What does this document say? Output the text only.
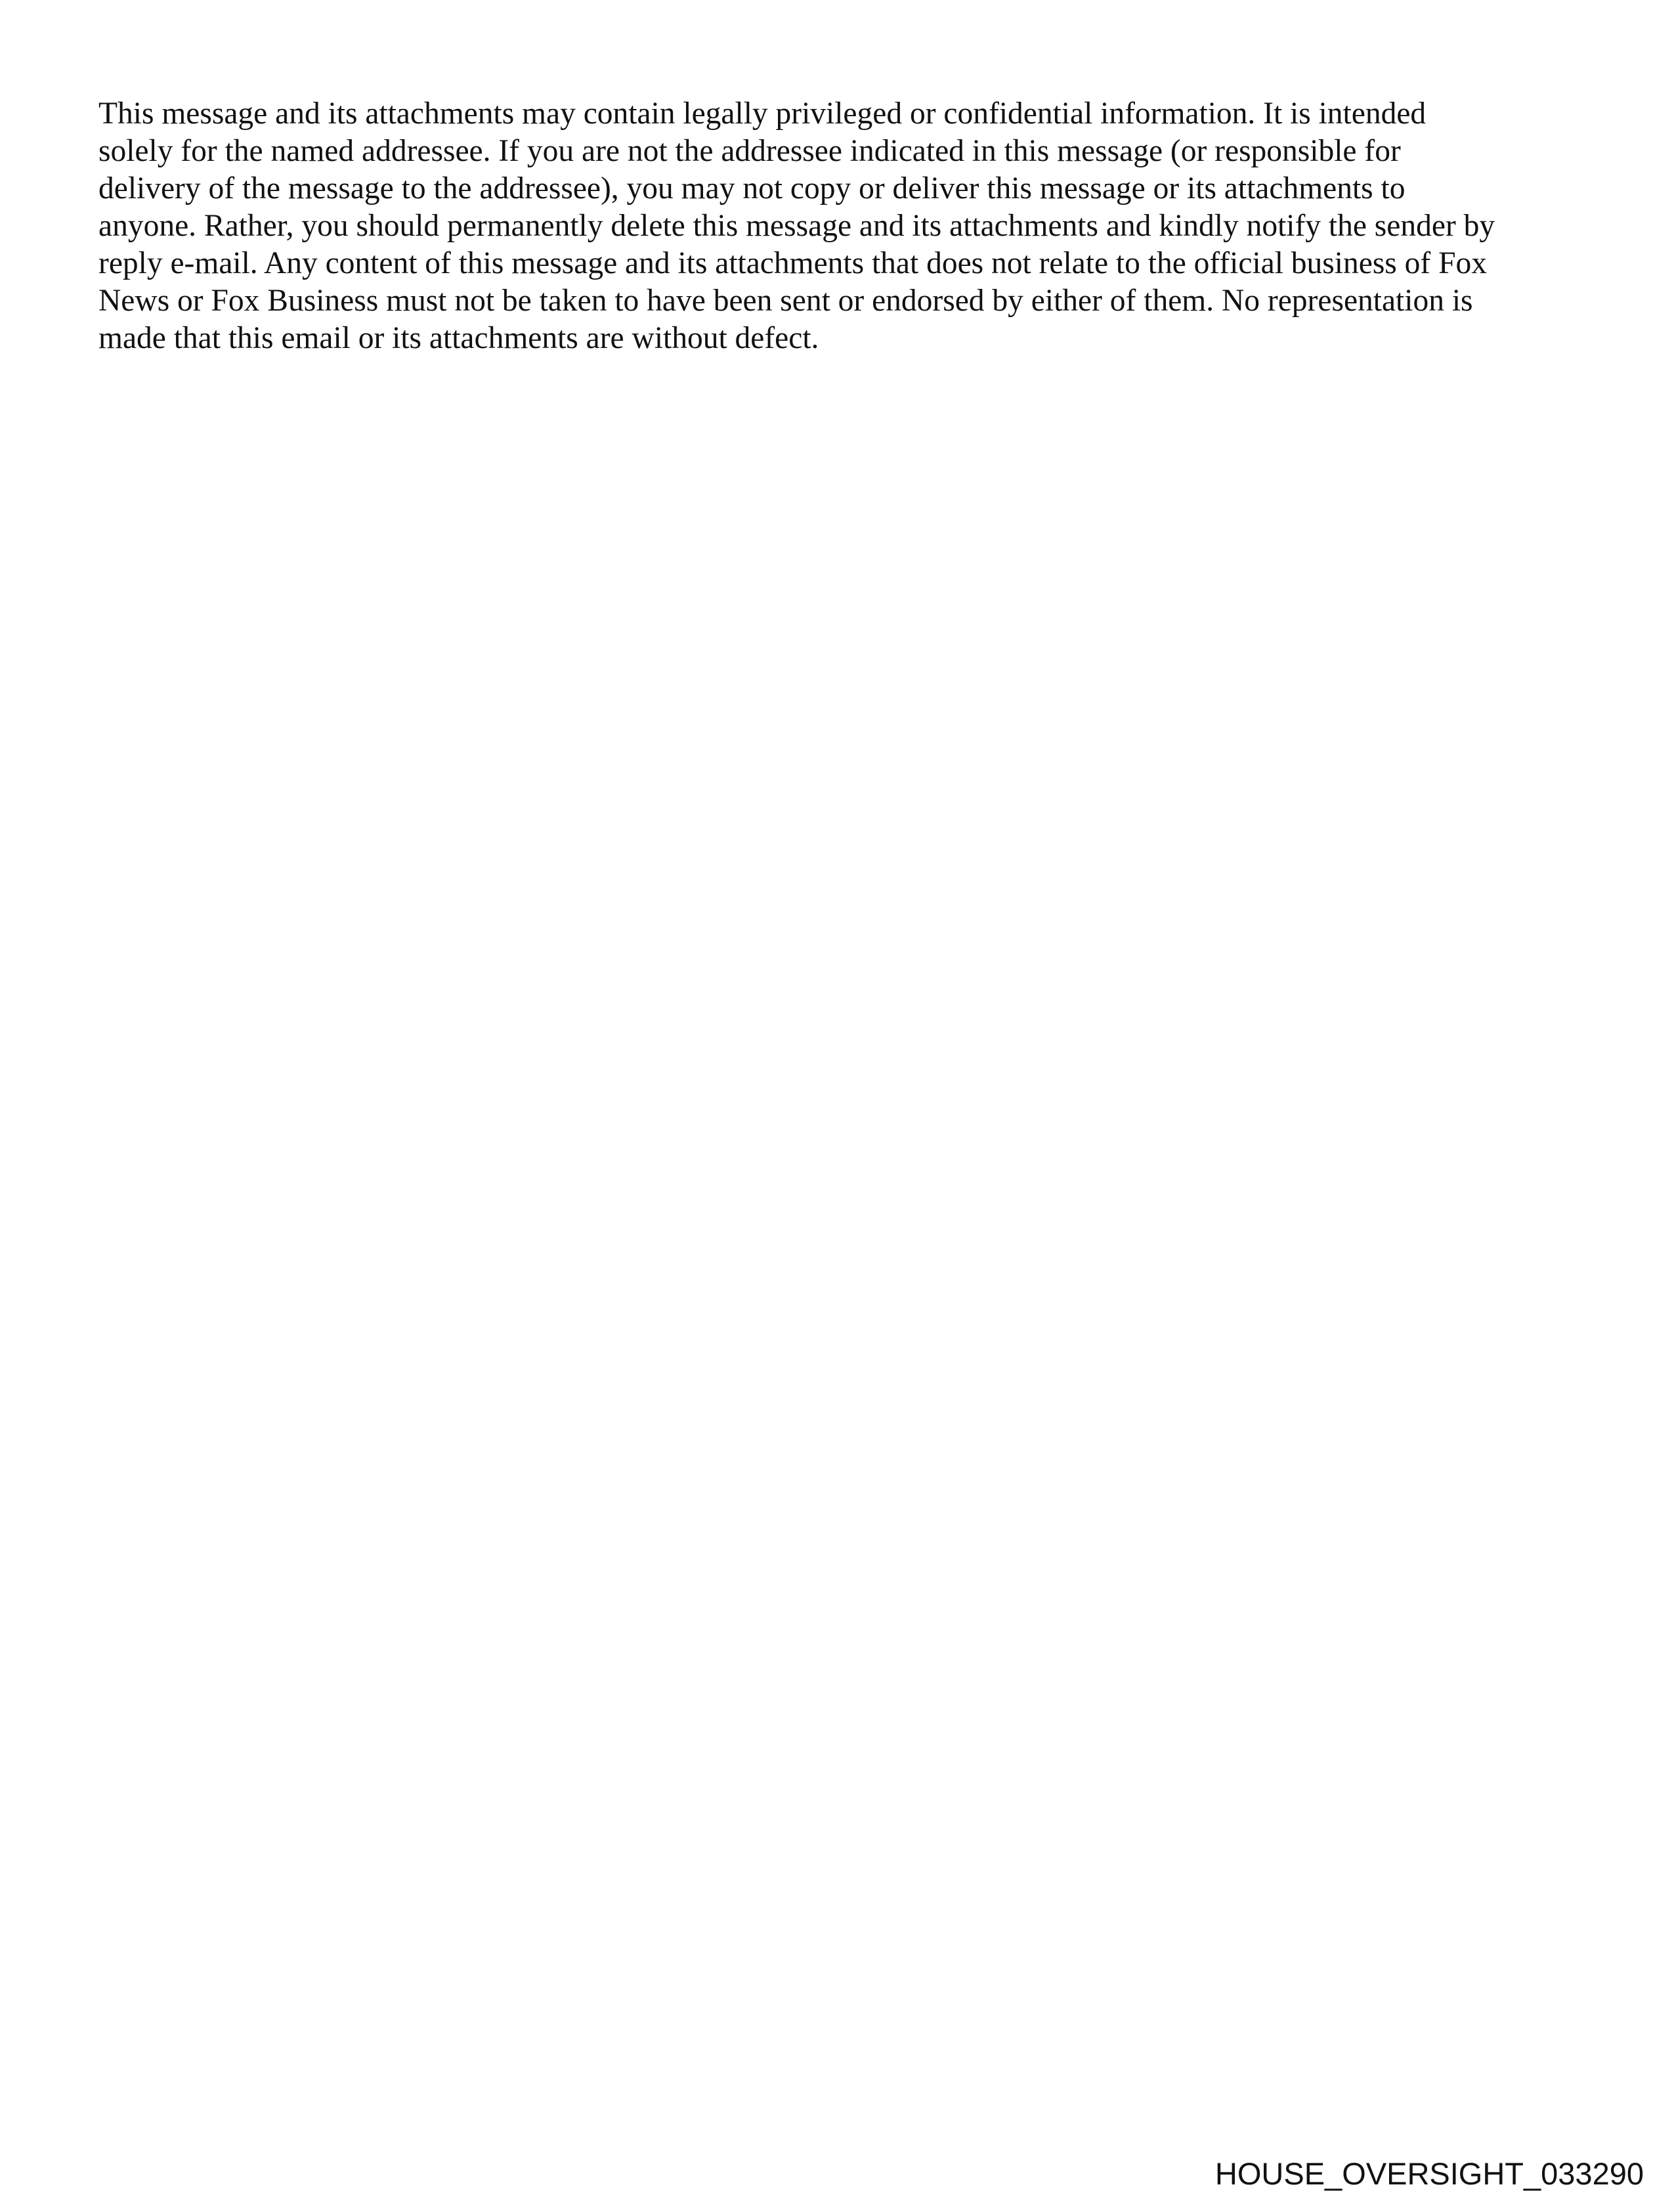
This message and its attachments may contain legally privileged or confidential information. It is intended
solely for the named addressee. If you are not the addressee indicated in this message (or responsible for
delivery of the message to the addressee), you may not copy or deliver this message or its attachments to
anyone. Rather, you should permanently delete this message and its attachments and kindly notify the sender by
reply e-mail. Any content of this message and its attachments that does not relate to the official business of Fox
News or Fox Business must not be taken to have been sent or endorsed by either of them. No representation is
made that this email or its attachments are without defect.

HOUSE_OVERSIGHT_033290
